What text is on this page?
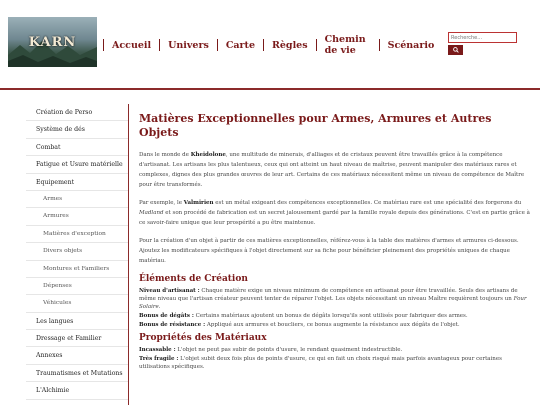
KARN	Accueil	Univers	Carte	Règles	Chemin de vie	Scénario
Recherche...
Création de Perso
Système de dés
Combat
Fatigue et Usure matérielle
Equipement
Armes
Armures
Matières d'exception
Divers objets
Montures et Familiers
Dépenses
Véhicules
Les langues
Dressage et Familier
Annexes
Traumatismes et Mutations
L'Alchimie
Matières Exceptionnelles pour Armes, Armures et Autres Objets

Dans le monde de Kheidolone, une multitude de minerais, d'alliages et de cristaux peuvent être travaillés grâce à la compétence d'artisanat. Les artisans les plus talentueux, ceux qui ont atteint un haut niveau de maîtrise, peuvent manipuler des matériaux rares et complexes, dignes des plus grandes œuvres de leur art. Certains de ces matériaux nécessitent même un niveau de compétence de Maître pour être transformés.

Par exemple, le Valmirien est un métal exigeant des compétences exceptionnelles. Ce matériau rare est une spécialité des forgerons du Madland et son procédé de fabrication est un secret jalousement gardé par la famille royale depuis des générations. C'est en partie grâce à ce savoir-faire unique que leur prospérité a pu être maintenue.

Pour la création d'un objet à partir de ces matières exceptionnelles, référez-vous à la table des matières d'armes et armures ci-dessous. Ajoutez les modificateurs spécifiques à l'objet directement sur sa fiche pour bénéficier pleinement des propriétés uniques de chaque matériau.

Éléments de Création
• Niveau d'artisanat : Chaque matière exige un niveau minimum de compétence en artisanat pour être travaillée. Seuls des artisans de même niveau que l'artisan créateur peuvent tenter de réparer l'objet. Les objets nécessitant un niveau Maître requièrent toujours un Four Solaire.
• Bonus de dégâts : Certains matériaux ajoutent un bonus de dégâts lorsqu'ils sont utilisés pour fabriquer des armes.
• Bonus de résistance : Appliqué aux armures et boucliers, ce bonus augmente la résistance aux dégâts de l'objet.
Propriétés des Matériaux
• Incassable : L'objet ne peut pas subir de points d'usure, le rendant quasiment indestructible.
• Très fragile : L'objet subit deux fois plus de points d'usure, ce qui en fait un choix risqué mais parfois avantageux pour certaines utilisations spécifiques.
